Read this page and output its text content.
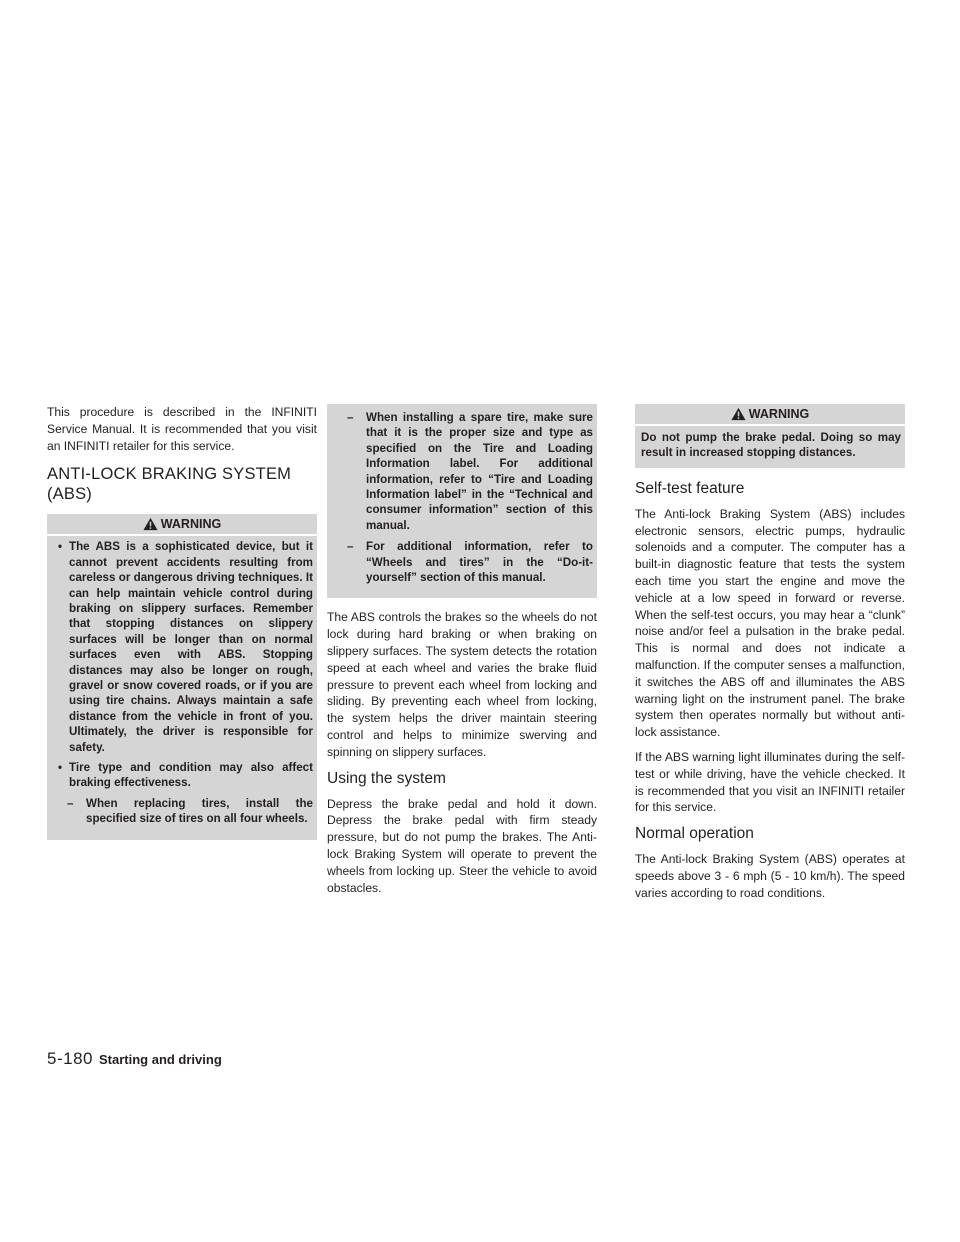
This procedure is described in the INFINITI Service Manual. It is recommended that you visit an INFINITI retailer for this service.

ANTI-LOCK BRAKING SYSTEM (ABS)
WARNING
• The ABS is a sophisticated device, but it cannot prevent accidents resulting from careless or dangerous driving techniques. It can help maintain vehicle control during braking on slippery surfaces. Remember that stopping distances on slippery surfaces will be longer than on normal surfaces even with ABS. Stopping distances may also be longer on rough, gravel or snow covered roads, or if you are using tire chains. Always maintain a safe distance from the vehicle in front of you. Ultimately, the driver is responsible for safety.
• Tire type and condition may also affect braking effectiveness.
– When replacing tires, install the specified size of tires on all four wheels.
– When installing a spare tire, make sure that it is the proper size and type as specified on the Tire and Loading Information label. For additional information, refer to “Tire and Loading Information label” in the “Technical and consumer information” section of this manual.
– For additional information, refer to “Wheels and tires” in the “Do-it-yourself” section of this manual.

The ABS controls the brakes so the wheels do not lock during hard braking or when braking on slippery surfaces. The system detects the rotation speed at each wheel and varies the brake fluid pressure to prevent each wheel from locking and sliding. By preventing each wheel from locking, the system helps the driver maintain steering control and helps to minimize swerving and spinning on slippery surfaces.

Using the system

Depress the brake pedal and hold it down. Depress the brake pedal with firm steady pressure, but do not pump the brakes. The Anti-lock Braking System will operate to prevent the wheels from locking up. Steer the vehicle to avoid obstacles.

WARNING

Do not pump the brake pedal. Doing so may result in increased stopping distances.

Self-test feature

The Anti-lock Braking System (ABS) includes electronic sensors, electric pumps, hydraulic solenoids and a computer. The computer has a built-in diagnostic feature that tests the system each time you start the engine and move the vehicle at a low speed in forward or reverse. When the self-test occurs, you may hear a “clunk” noise and/or feel a pulsation in the brake pedal. This is normal and does not indicate a malfunction. If the computer senses a malfunction, it switches the ABS off and illuminates the ABS warning light on the instrument panel. The brake system then operates normally but without anti-lock assistance.

If the ABS warning light illuminates during the self-test or while driving, have the vehicle checked. It is recommended that you visit an INFINITI retailer for this service.

Normal operation

The Anti-lock Braking System (ABS) operates at speeds above 3 - 6 mph (5 - 10 km/h). The speed varies according to road conditions.

5-180 Starting and driving
